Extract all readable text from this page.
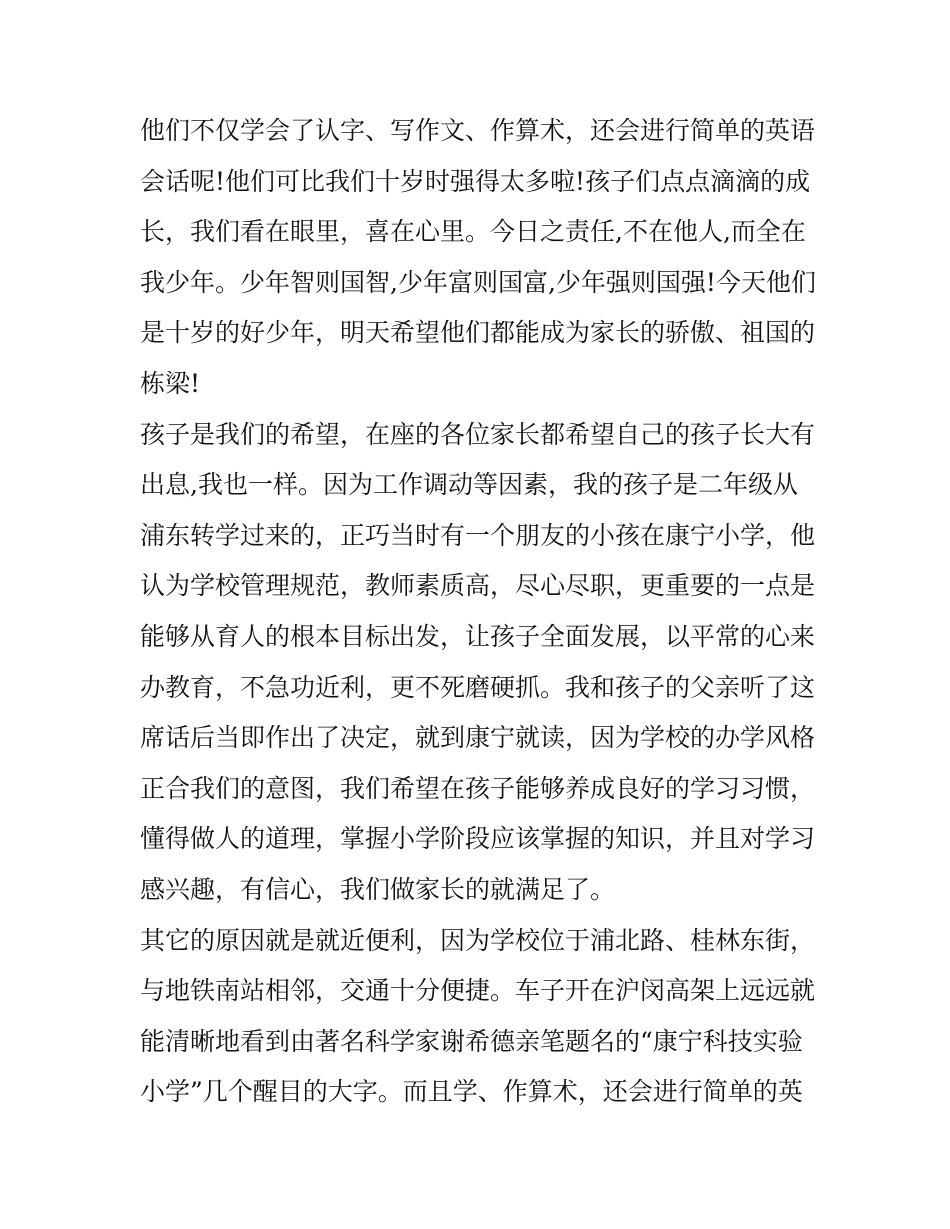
他们不仅学会了认字、写作文、作算术，还会进行简单的英语
会话呢!他们可比我们十岁时强得太多啦!孩子们点点滴滴的成
长，我们看在眼里，喜在心里。今日之责任,不在他人,而全在
我少年。少年智则国智,少年富则国富,少年强则国强!今天他们
是十岁的好少年，明天希望他们都能成为家长的骄傲、祖国的
栋梁!
孩子是我们的希望，在座的各位家长都希望自己的孩子长大有
出息,我也一样。因为工作调动等因素，我的孩子是二年级从
浦东转学过来的，正巧当时有一个朋友的小孩在康宁小学，他
认为学校管理规范，教师素质高，尽心尽职，更重要的一点是
能够从育人的根本目标出发，让孩子全面发展，以平常的心来
办教育，不急功近利，更不死磨硬抓。我和孩子的父亲听了这
席话后当即作出了决定，就到康宁就读，因为学校的办学风格
正合我们的意图，我们希望在孩子能够养成良好的学习习惯，
懂得做人的道理，掌握小学阶段应该掌握的知识，并且对学习
感兴趣，有信心，我们做家长的就满足了。
其它的原因就是就近便利，因为学校位于浦北路、桂林东街，
与地铁南站相邻，交通十分便捷。车子开在沪闵高架上远远就
能清晰地看到由著名科学家谢希德亲笔题名的“康宁科技实验
小学”几个醒目的大字。而且学、作算术，还会进行简单的英
